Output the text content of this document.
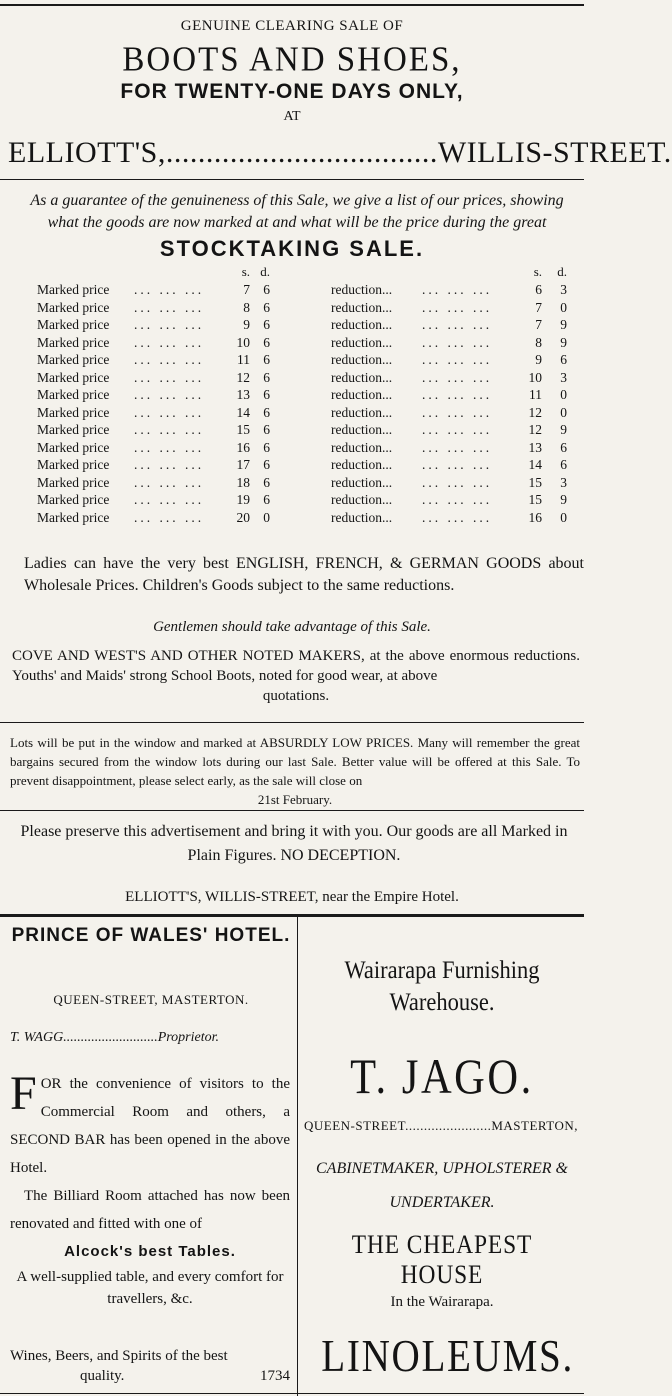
GENUINE CLEARING SALE OF
BOOTS AND SHOES,
FOR TWENTY-ONE DAYS ONLY,
AT
ELLIOTT'S,..................................WILLIS-STREET.
As a guarantee of the genuineness of this Sale, we give a list of our prices, showing what the goods are now marked at and what will be the price during the great
STOCKTAKING SALE.
s. d.	s. d.
Marked price ... ... ...	7 6	reduction... ... ... ...	6	3
Marked price ... ... ...	8 6	reduction... ... ... ...	7	0
Marked price ... ... ...	9 6	reduction... ... ... ...	7	9
Marked price ... ... ...	10 6	reduction... ... ... ...	8	9
Marked price ... ... ...	11 6	reduction... ... ... ...	9	6
Marked price ... ... ...	12 6	reduction... ... ... ...	10	3
Marked price ... ... ...	13 6	reduction... ... ... ...	11	0
Marked price ... ... ...	14 6	reduction... ... ... ...	12	0
Marked price ... ... ...	15 6	reduction... ... ... ...	12	9
Marked price ... ... ...	16 6	reduction... ... ... ...	13	6
Marked price ... ... ...	17 6	reduction... ... ... ...	14	6
Marked price ... ... ...	18 6	reduction... ... ... ...	15	3
Marked price ... ... ...	19 6	reduction... ... ... ...	15	9
Marked price ... ... ...	20 0	reduction... ... ... ...	16	0
Ladies can have the very best ENGLISH, FRENCH, & GERMAN GOODS about Wholesale Prices. Children's Goods subject to the same reductions.
Gentlemen should take advantage of this Sale.
COVE AND WEST'S AND OTHER NOTED MAKERS, at the above enormous reductions. Youths' and Maids' strong School Boots, noted for good wear, at above
quotations.
Lots will be put in the window and marked at ABSURDLY LOW PRICES. Many will remember the great bargains secured from the window lots during our last Sale. Better value will be offered at this Sale. To prevent disappointment, please select early, as the sale will close on
21st February.
Please preserve this advertisement and bring it with you. Our goods are all Marked in Plain Figures. NO DECEPTION.
ELLIOTT'S, WILLIS-STREET, near the Empire Hotel.
PRINCE OF WALES' HOTEL.
QUEEN-STREET, MASTERTON.
T. WAGG...........................Proprietor.
F OR the convenience of visitors to the Commercial Room and others, a SECOND BAR has been opened in the above Hotel.
The Billiard Room attached has now been renovated and fitted with one of
Alcock's best Tables.
A well-supplied table, and every comfort for travellers, &c.
Wines, Beers, and Spirits of the best
quality.	1734
Wairarapa Furnishing Warehouse.
T. JAGO.
QUEEN-STREET.......................MASTERTON,
CABINETMAKER, UPHOLSTERER & UNDERTAKER.
THE CHEAPEST HOUSE
In the Wairarapa.
LINOLEUMS.
